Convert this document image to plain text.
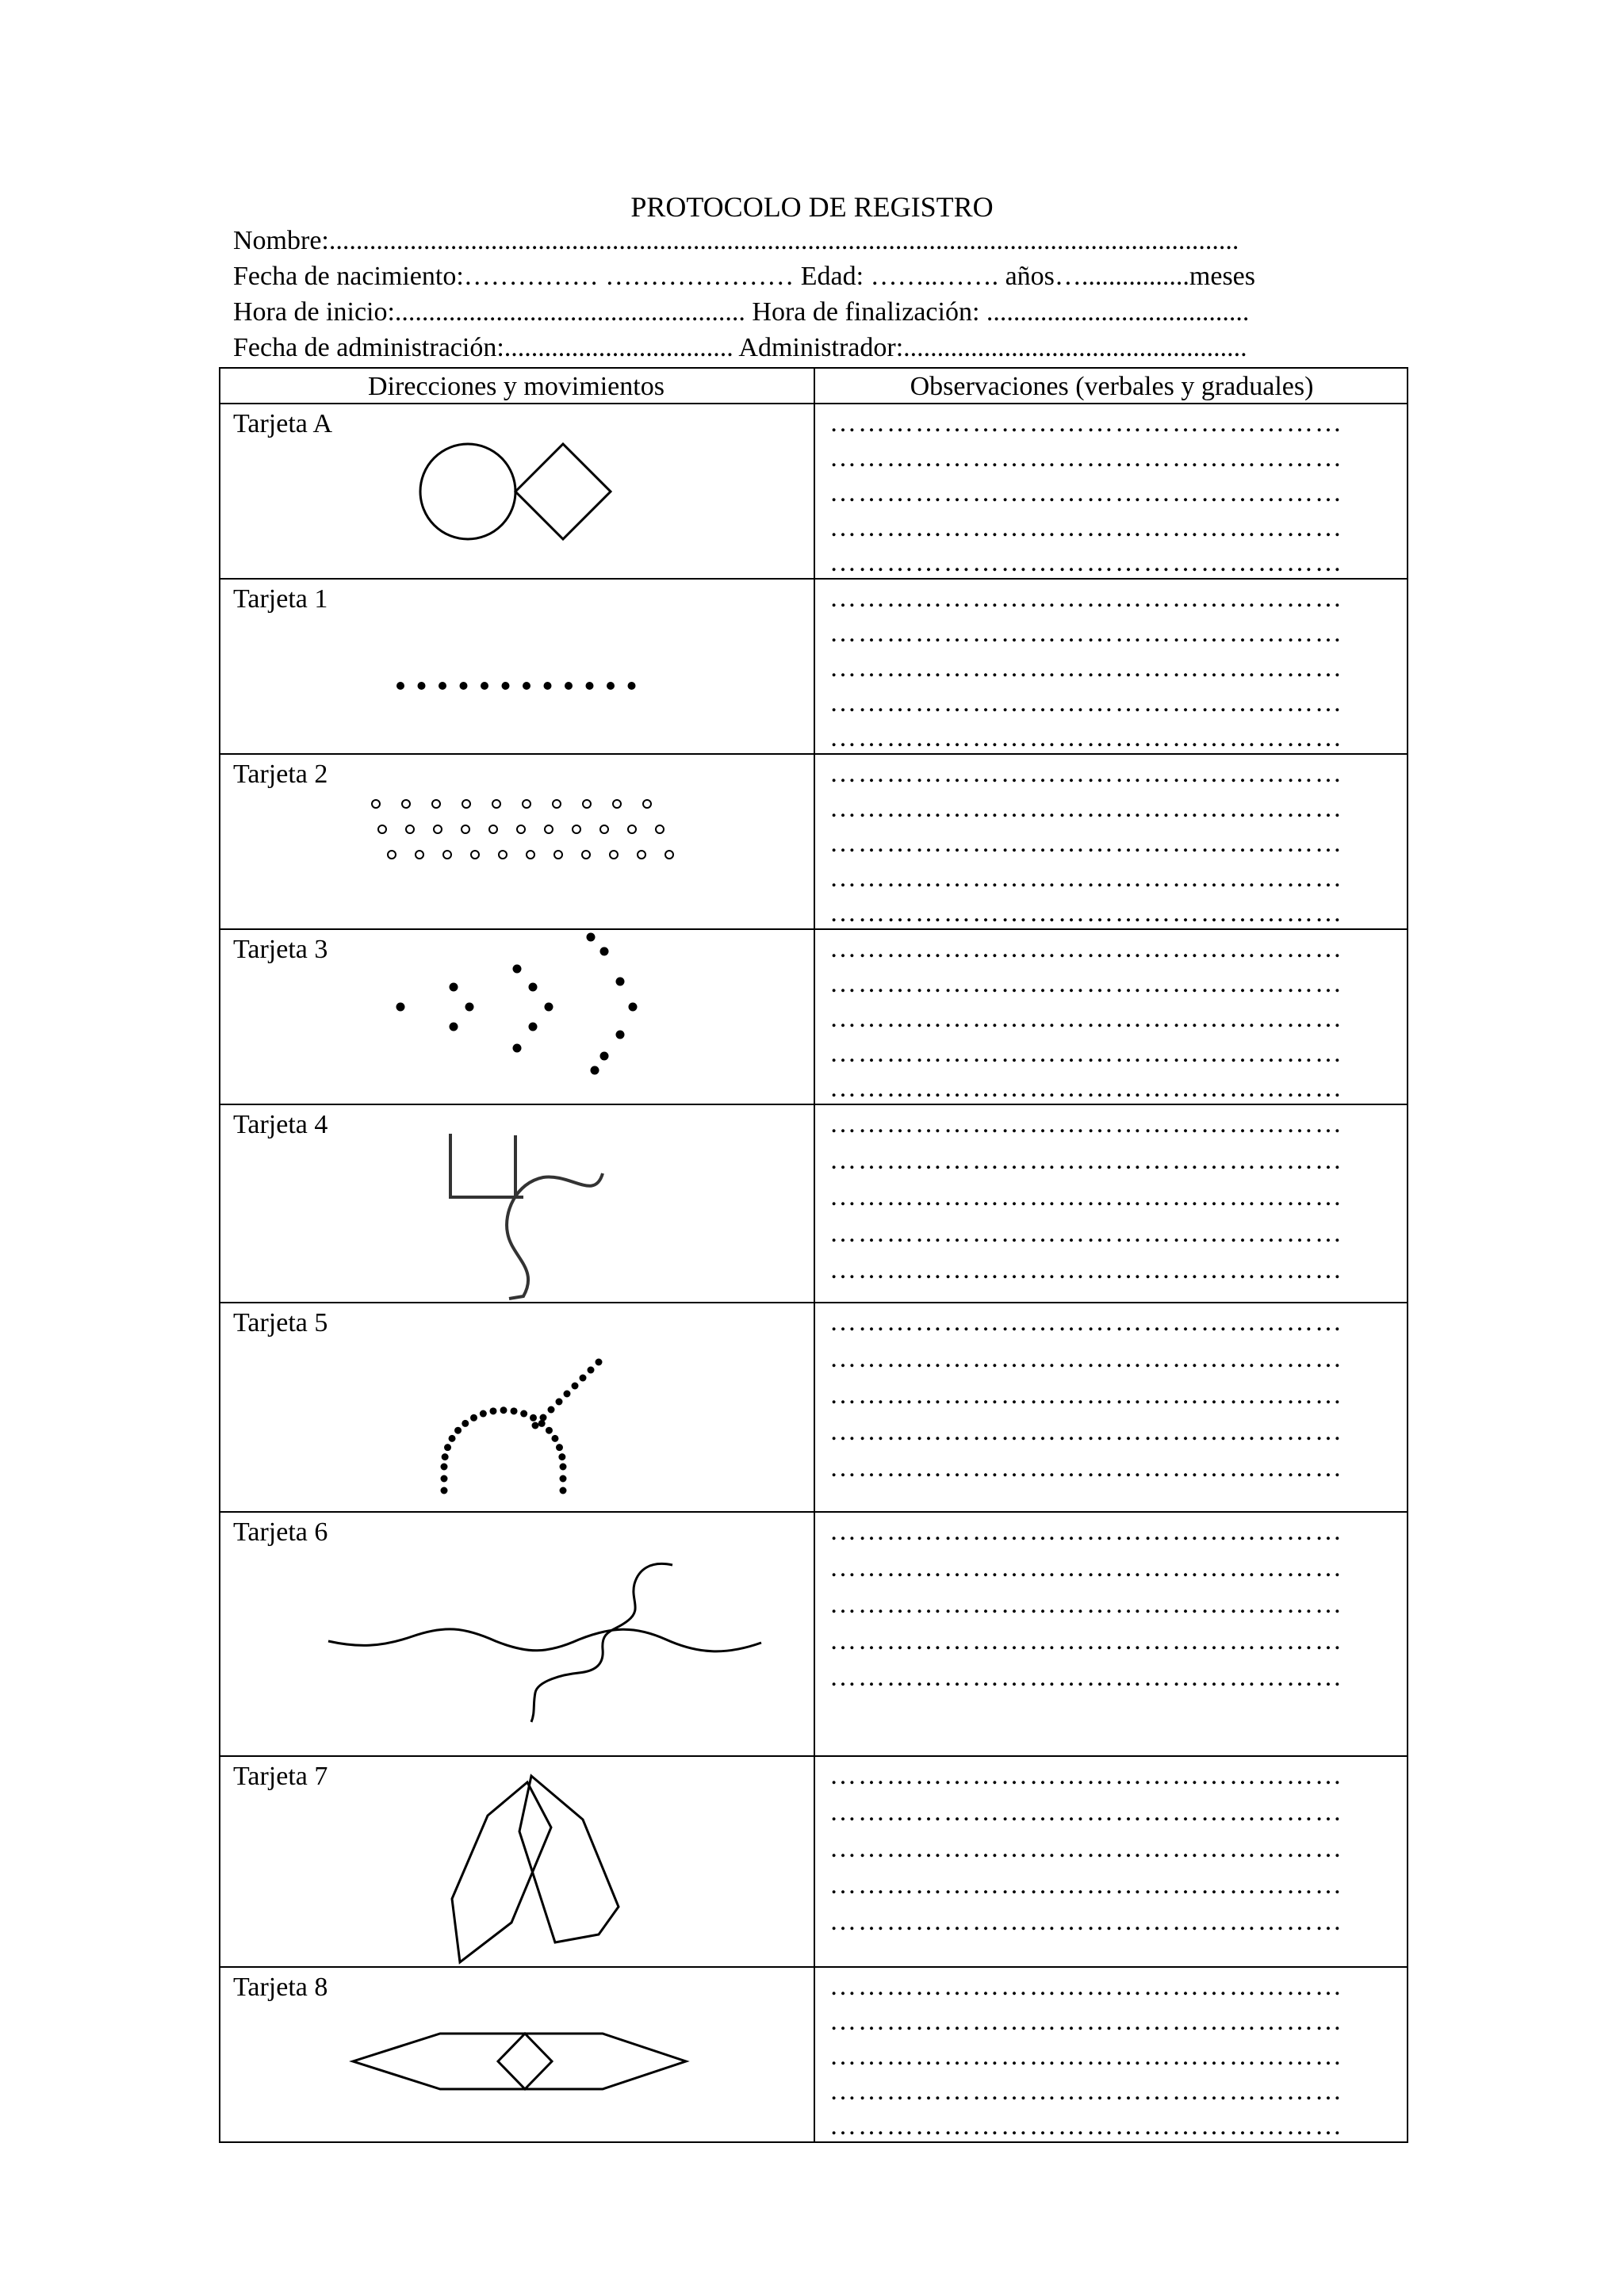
PROTOCOLO DE REGISTRO
Nombre:.......................................................................................................................................
Fecha de nacimiento:…………… ………………… Edad: ……..……. años…................meses
Hora de inicio:.................................................... Hora de finalización: .......................................
Fecha de administración:.................................. Administrador:...................................................
Direcciones y movimientos	Observaciones (verbales y graduales)
Tarjeta A
Tarjeta 1
Tarjeta 2
Tarjeta 3
Tarjeta 4
Tarjeta 5
Tarjeta 6
Tarjeta 7
Tarjeta 8
………………………………………………
………………………………………………
………………………………………………
………………………………………………
………………………………………………
………………………………………………
………………………………………………
………………………………………………
………………………………………………
………………………………………………
………………………………………………
………………………………………………
………………………………………………
………………………………………………
………………………………………………
………………………………………………
………………………………………………
………………………………………………
………………………………………………
………………………………………………
………………………………………………
………………………………………………
………………………………………………
………………………………………………
………………………………………………
………………………………………………
………………………………………………
………………………………………………
………………………………………………
………………………………………………
………………………………………………
………………………………………………
………………………………………………
………………………………………………
………………………………………………
………………………………………………
………………………………………………
………………………………………………
………………………………………………
………………………………………………
………………………………………………
………………………………………………
………………………………………………
………………………………………………
………………………………………………
